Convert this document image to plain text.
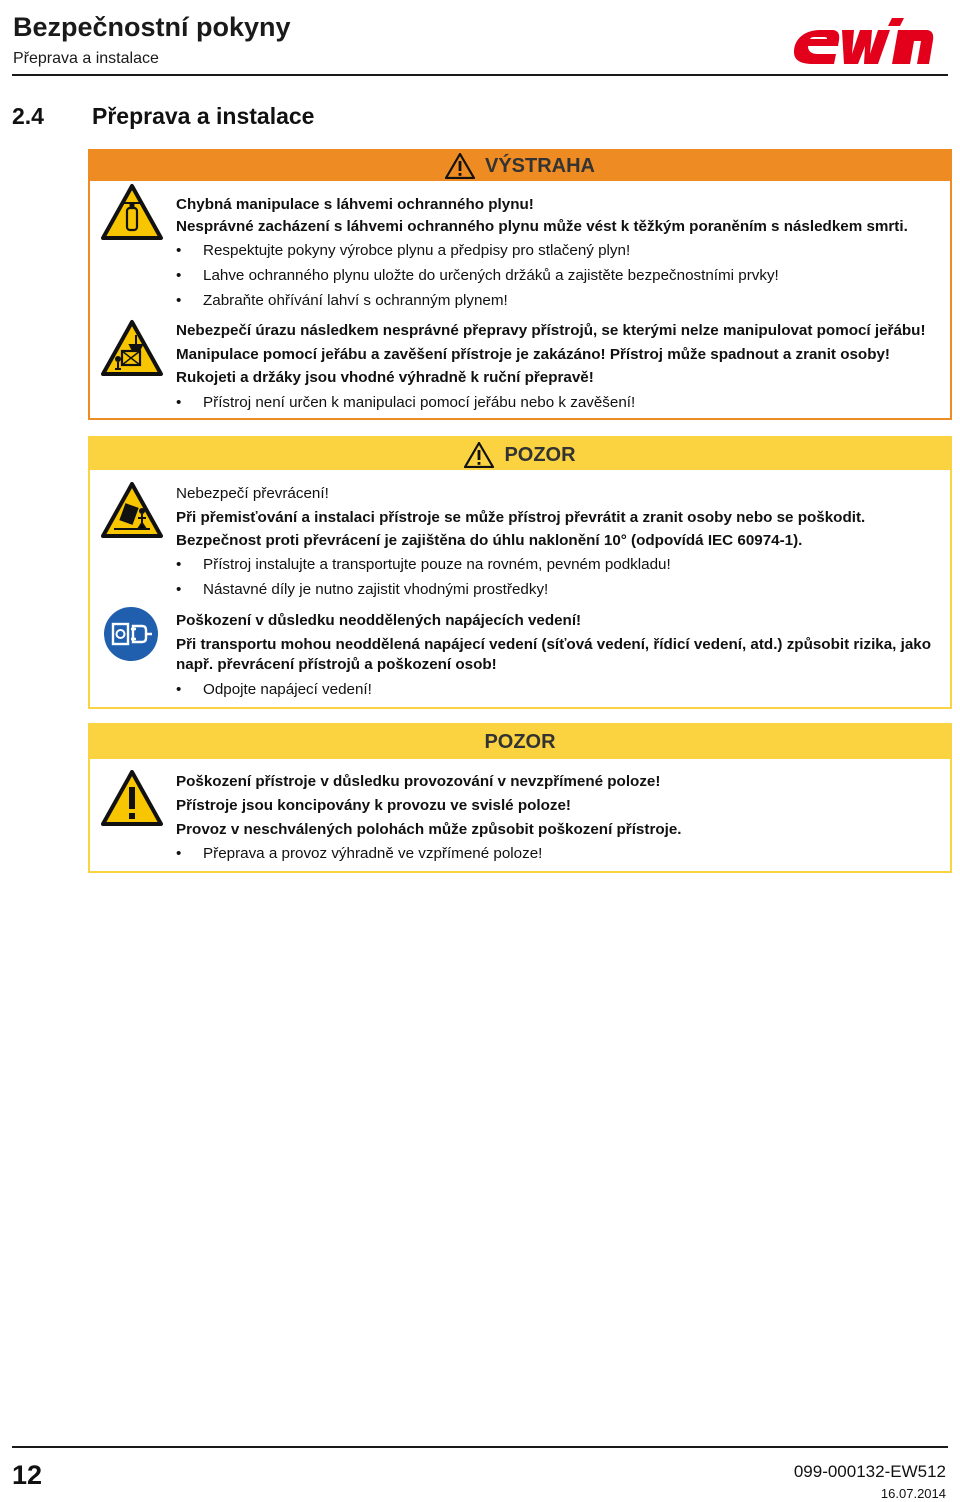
Bezpečnostní pokyny
Přeprava a instalace
2.4 Přeprava a instalace
VÝSTRAHA
Chybná manipulace s láhvemi ochranného plynu!
Nesprávné zacházení s láhvemi ochranného plynu může vést k těžkým poraněním s následkem smrti.
•	Respektujte pokyny výrobce plynu a předpisy pro stlačený plyn!
•	Lahve ochranného plynu uložte do určených držáků a zajistěte bezpečnostními prvky!
•	Zabraňte ohřívání lahví s ochranným plynem!
Nebezpečí úrazu následkem nesprávné přepravy přístrojů, se kterými nelze manipulovat pomocí jeřábu!
Manipulace pomocí jeřábu a zavěšení přístroje je zakázáno! Přístroj může spadnout a zranit osoby!
Rukojeti a držáky jsou vhodné výhradně k ruční přepravě!
•	Přístroj není určen k manipulaci pomocí jeřábu nebo k zavěšení!
POZOR
Nebezpečí převrácení!
Při přemisťování a instalaci přístroje se může přístroj převrátit a zranit osoby nebo se poškodit.
Bezpečnost proti převrácení je zajištěna do úhlu naklonění 10° (odpovídá IEC 60974-1).
•	Přístroj instalujte a transportujte pouze na rovném, pevném podkladu!
•	Nástavné díly je nutno zajistit vhodnými prostředky!
Poškození v důsledku neoddělených napájecích vedení!
Při transportu mohou neoddělená napájecí vedení (síťová vedení, řídicí vedení, atd.) způsobit rizika, jako např. převrácení přístrojů a poškození osob!
•	Odpojte napájecí vedení!
POZOR
Poškození přístroje v důsledku provozování v nevzpřímené poloze!
Přístroje jsou koncipovány k provozu ve svislé poloze!
Provoz v neschválených polohách může způsobit poškození přístroje.
•	Přeprava a provoz výhradně ve vzpřímené poloze!
12	099-000132-EW512
16.07.2014
